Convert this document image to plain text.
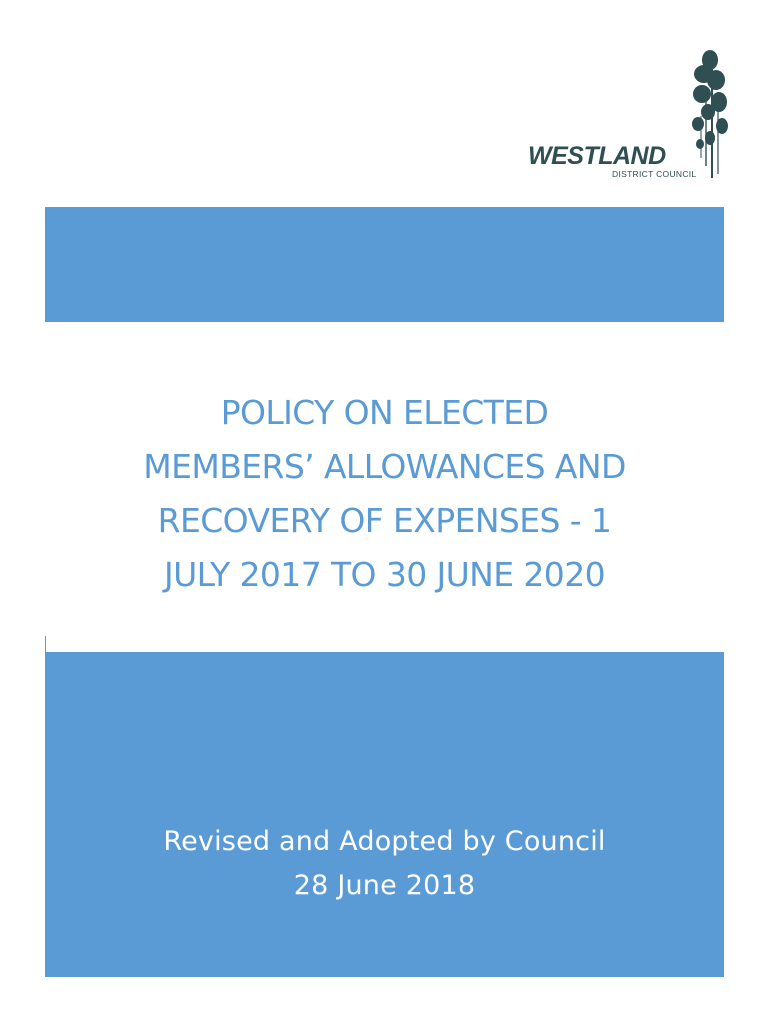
WESTLAND
DISTRICT COUNCIL
POLICY ON ELECTED
MEMBERS’ ALLOWANCES AND
RECOVERY OF EXPENSES - 1
JULY 2017 TO 30 JUNE 2020
Revised and Adopted by Council
28 June 2018
